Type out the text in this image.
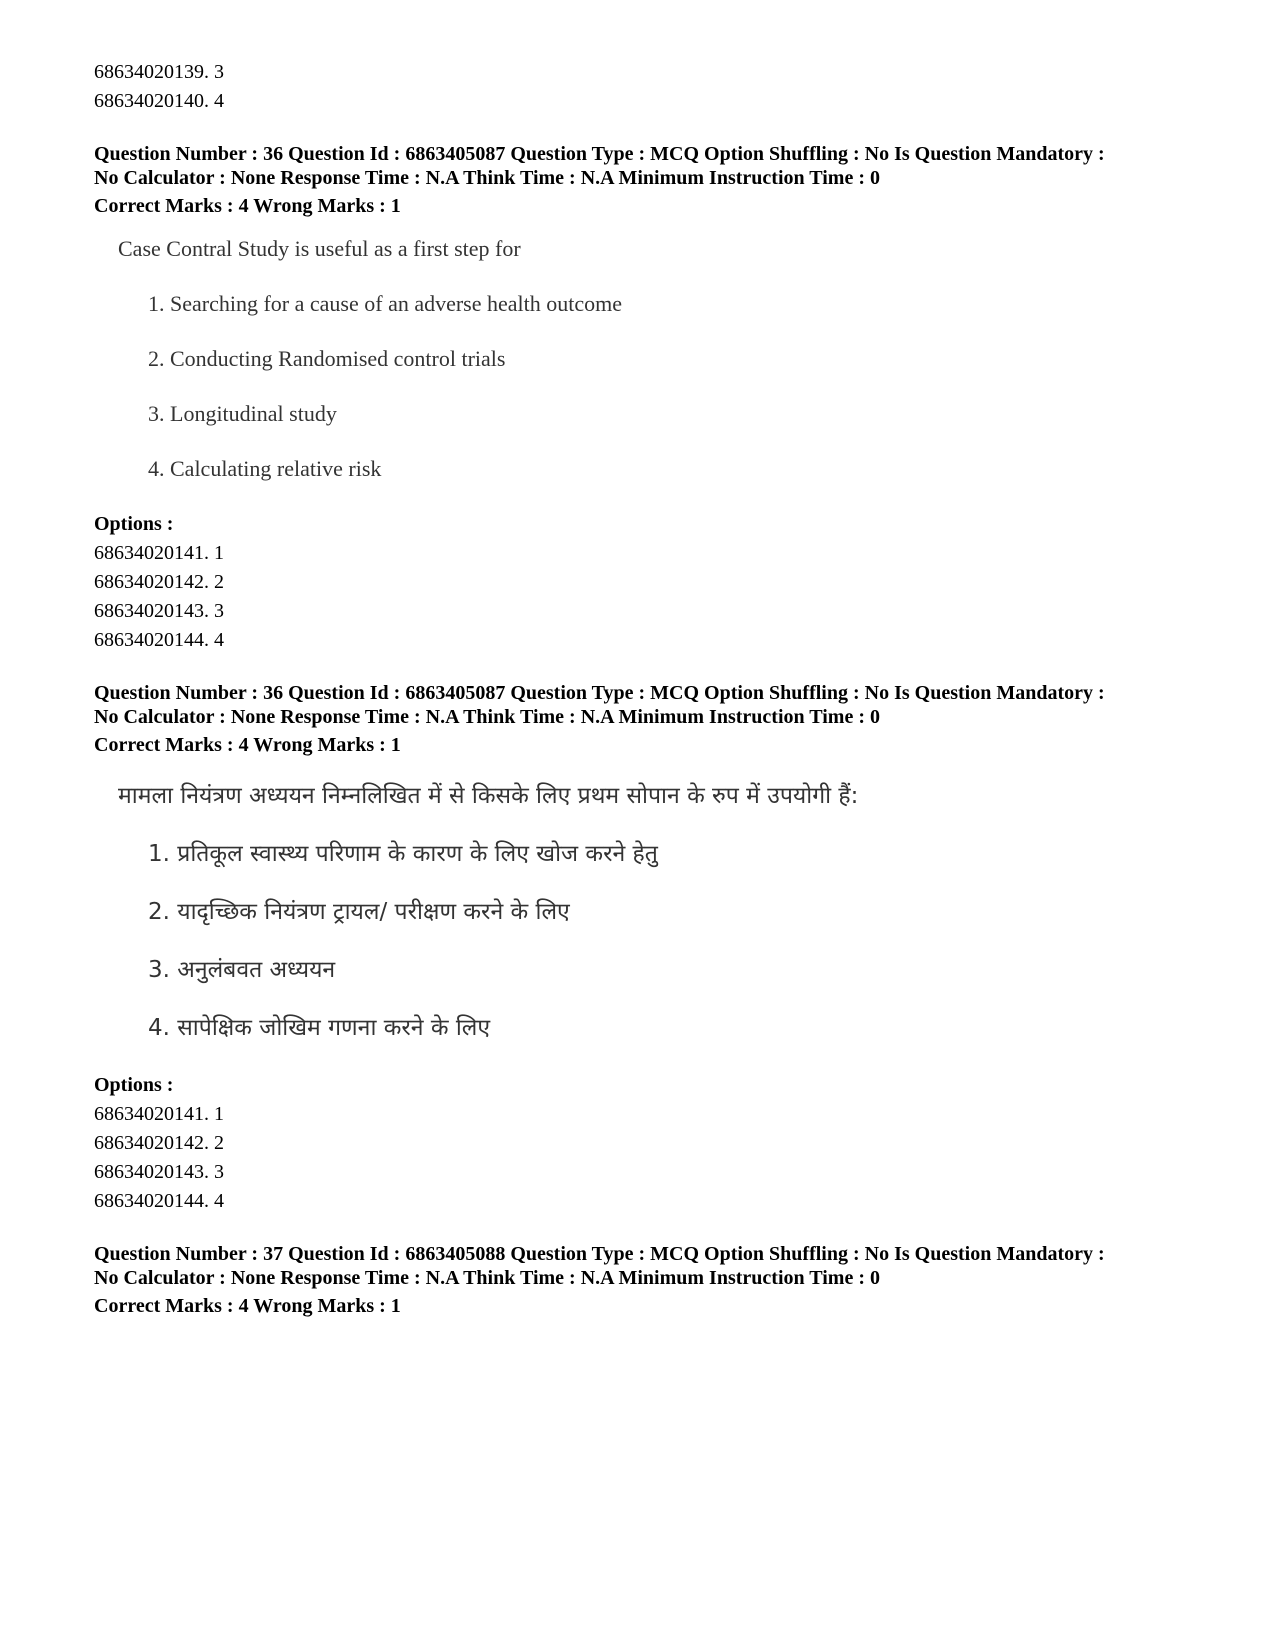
68634020139. 3
68634020140. 4
Question Number : 36 Question Id : 6863405087 Question Type : MCQ Option Shuffling : No Is Question Mandatory :
No Calculator : None Response Time : N.A Think Time : N.A Minimum Instruction Time : 0
Correct Marks : 4 Wrong Marks : 1
Case Contral Study is useful as a first step for
1. Searching for a cause of an adverse health outcome
2. Conducting Randomised control trials
3. Longitudinal study
4. Calculating relative risk
Options :
68634020141. 1
68634020142. 2
68634020143. 3
68634020144. 4
Question Number : 36 Question Id : 6863405087 Question Type : MCQ Option Shuffling : No Is Question Mandatory :
No Calculator : None Response Time : N.A Think Time : N.A Minimum Instruction Time : 0
Correct Marks : 4 Wrong Marks : 1
मामला नियंत्रण अध्ययन निम्नलिखित में से किसके लिए प्रथम सोपान के रुप में उपयोगी हैं:
1. प्रतिकूल स्वास्थ्य परिणाम के कारण के लिए खोज करने हेतु
2. यादृच्छिक नियंत्रण ट्रायल/ परीक्षण करने के लिए
3. अनुलंबवत अध्ययन
4. सापेक्षिक जोखिम गणना करने के लिए
Options :
68634020141. 1
68634020142. 2
68634020143. 3
68634020144. 4
Question Number : 37 Question Id : 6863405088 Question Type : MCQ Option Shuffling : No Is Question Mandatory :
No Calculator : None Response Time : N.A Think Time : N.A Minimum Instruction Time : 0
Correct Marks : 4 Wrong Marks : 1
